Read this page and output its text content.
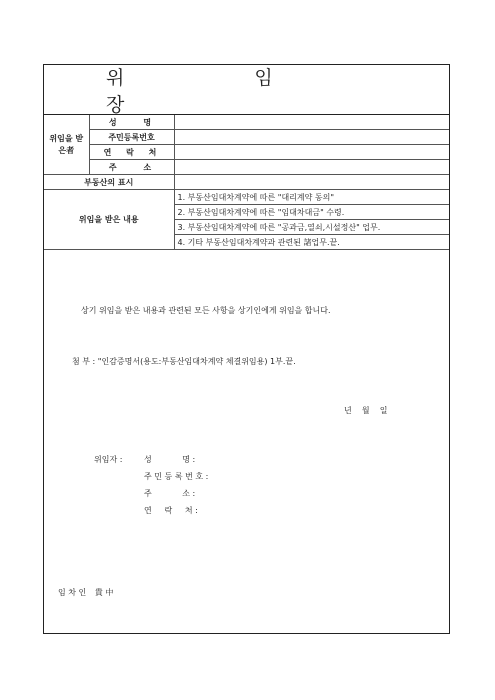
위 임 장
위임을 받은者	성 명	
	주민등록번호	
	연 락 처	
	주 소	
부동산의 표시		
위임을 받은 내용		1. 부동산임대차계약에 따른 "대리계약 동의"
		2. 부동산임대차계약에 따른 "임대차대금" 수령.
		3. 부동산임대차계약에 따른 "공과금,열쇠,시설정산" 업무.
		4. 기타 부동산임대차계약과 관련된 諸업무.끝.
상기 위임을 받은 내용과 관련된 모든 사항을 상기인에게 위임을 합니다.
첨 부 : "인감증명서(용도:부동산임대차계약 체결위임용) 1부.끝.
년    월    일
위임자 :	성            명 :
주 민 등 록 번 호 :
주            소 :
연     락     처 :
임 차 인 貴 中
